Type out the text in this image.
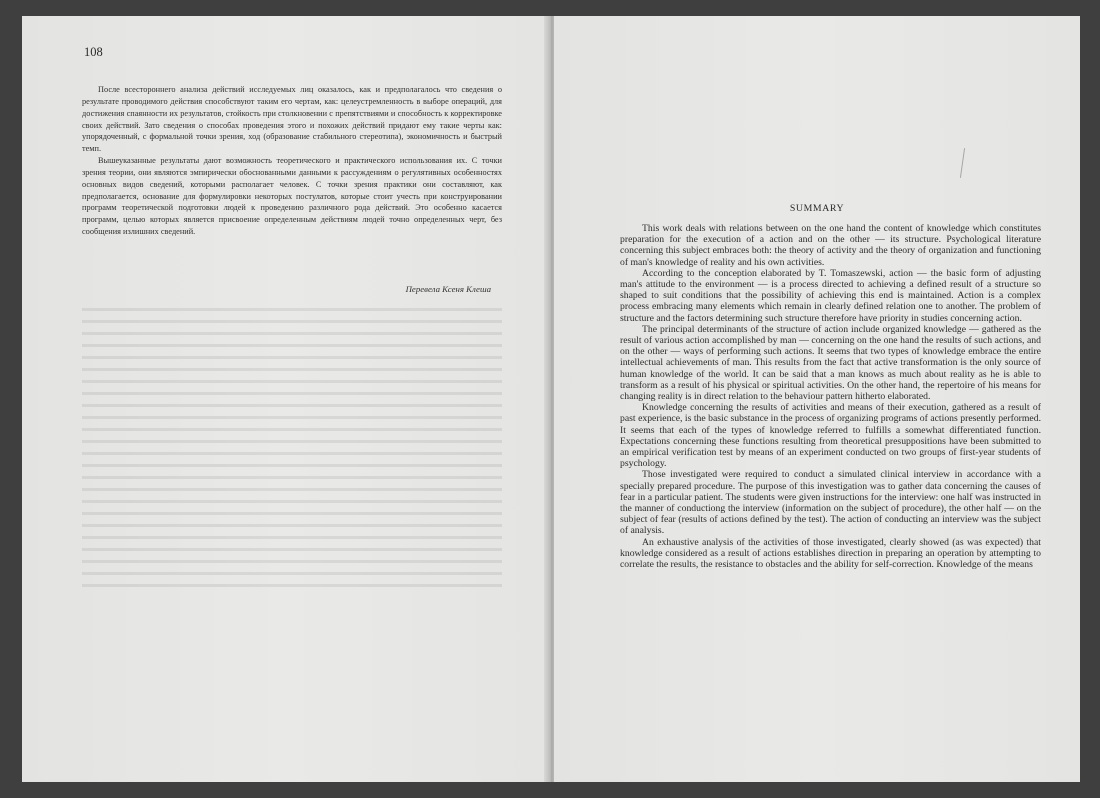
108

После всестороннего анализа действий исследуемых лиц оказалось, как и предполагалось что сведения о результате проводимого действия способствуют таким его чертам, как: целеустремленность в выборе операций, для достижения спаянности их результатов, стойкость при столкновении с препятствиями и способность к корректировке своих действий. Зато сведения о способах проведения этого и похожих действий придают ему такие черты как: упорядоченный, с формальной точки зрения, ход (образование стабильного стереотипа), экономичность и быстрый темп.

Вышеуказанные результаты дают возможность теоретического и практического использования их. С точки зрения теории, они являются эмпирически обоснованными данными к рассуждениям о регулятивных особенностях основных видов сведений, которыми располагает человек. С точки зрения практики они составляют, как предполагается, основание для формулировки некоторых постулатов, которые стоит учесть при конструировании программ теоретической подготовки людей к проведению различного рода действий. Это особенно касается программ, целью которых является присвоение определенным действиям людей точно определенных черт, без сообщения излишних сведений.

Перевела Ксеня Клеша
SUMMARY

This work deals with relations between on the one hand the content of knowledge which constitutes preparation for the execution of a action and on the other — its structure. Psychological literature concerning this subject embraces both: the theory of activity and the theory of organization and functioning of man's knowledge of reality and his own activities.

According to the conception elaborated by T. Tomaszewski, action — the basic form of adjusting man's attitude to the environment — is a process directed to achieving a defined result of a structure so shaped to suit conditions that the possibility of achieving this end is maintained. Action is a complex process embracing many elements which remain in clearly defined relation one to another. The problem of structure and the factors determining such structure therefore have priority in studies concerning action.

The principal determinants of the structure of action include organized knowledge — gathered as the result of various action accomplished by man — concerning on the one hand the results of such actions, and on the other — ways of performing such actions. It seems that two types of knowledge embrace the entire intellectual achievements of man. This results from the fact that active transformation is the only source of human knowledge of the world. It can be said that a man knows as much about reality as he is able to transform as a result of his physical or spiritual activities. On the other hand, the repertoire of his means for changing reality is in direct relation to the behaviour pattern hitherto elaborated.

Knowledge concerning the results of activities and means of their execution, gathered as a result of past experience, is the basic substance in the process of organizing programs of actions presently performed. It seems that each of the types of knowledge referred to fulfills a somewhat differentiated function. Expectations concerning these functions resulting from theoretical presuppositions have been submitted to an empirical verification test by means of an experiment conducted on two groups of first-year students of psychology.

Those investigated were required to conduct a simulated clinical interview in accordance with a specially prepared procedure. The purpose of this investigation was to gather data concerning the causes of fear in a particular patient. The students were given instructions for the interview: one half was instructed in the manner of conductiong the interview (information on the subject of procedure), the other half — on the subject of fear (results of actions defined by the test). The action of conducting an interview was the subject of analysis.

An exhaustive analysis of the activities of those investigated, clearly showed (as was expected) that knowledge considered as a result of actions establishes direction in preparing an operation by attempting to correlate the results, the resistance to obstacles and the ability for self-correction. Knowledge of the means
